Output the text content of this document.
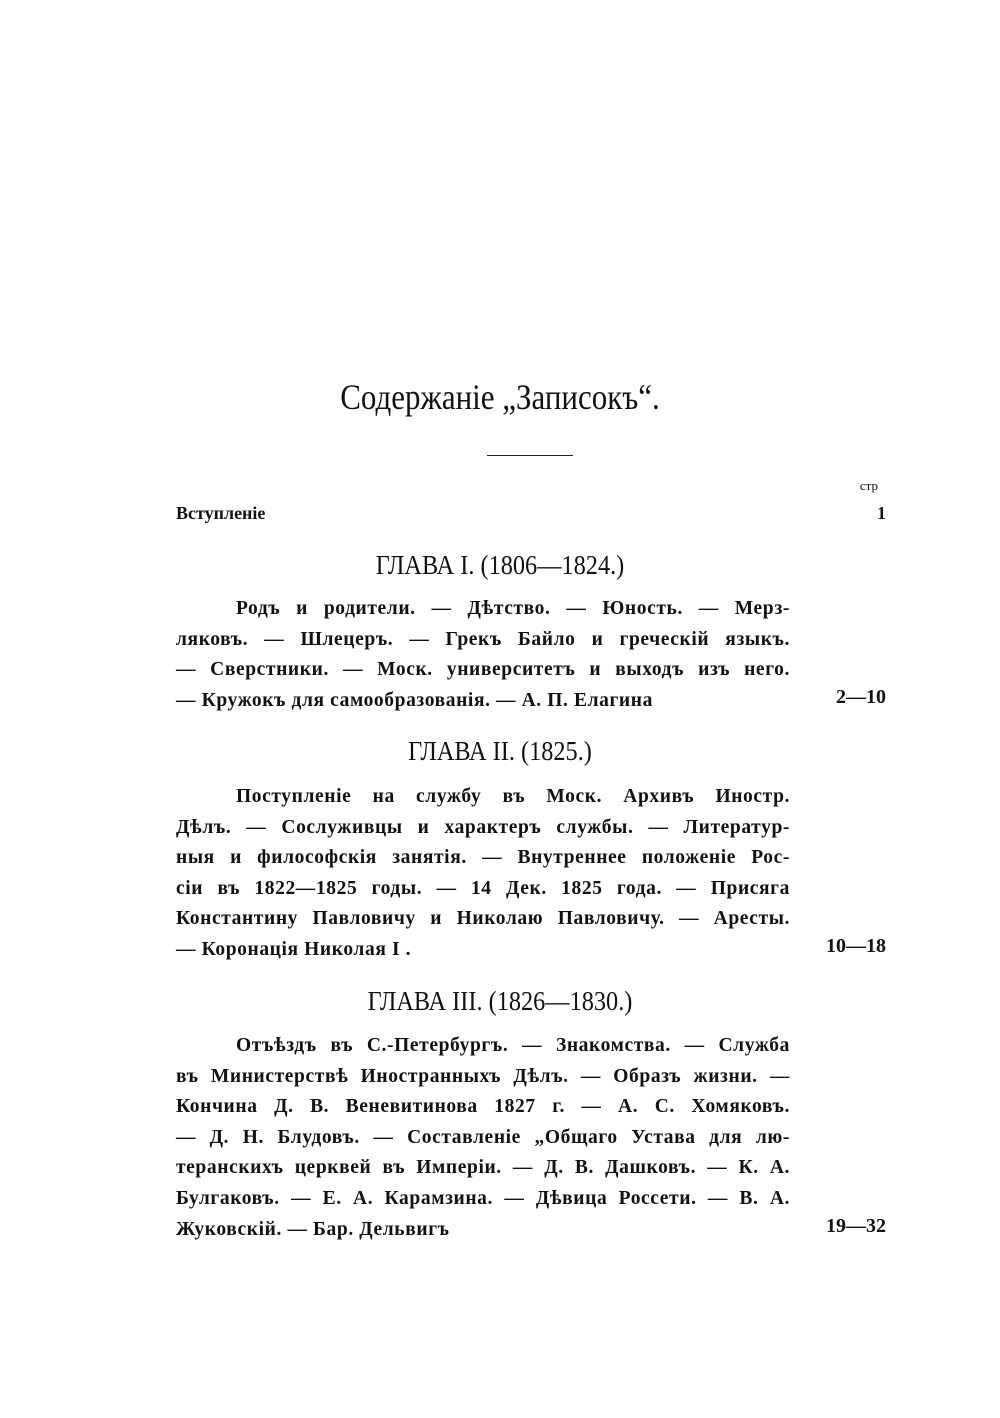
Содержаніе „Записокъ“.
стр
Вступленіе	1
ГЛАВА I. (1806—1824.)
Родъ и родители. — Дѣтство. — Юность. — Мерз-
ляковъ. — Шлецеръ. — Грекъ Байло и греческій языкъ.
— Сверстники. — Моск. университетъ и выходъ изъ него.
— Кружокъ для самообразованія. — А. П. Елагина	2—10
ГЛАВА II. (1825.)
Поступленіе на службу въ Моск. Архивъ Иностр.
Дѣлъ. — Сослуживцы и характеръ службы. — Литератур-
ныя и философскія занятія. — Внутреннее положеніе Рос-
сіи въ 1822—1825 годы. — 14 Дек. 1825 года. — Присяга
Константину Павловичу и Николаю Павловичу. — Аресты.
— Коронація Николая I .	10—18
ГЛАВА III. (1826—1830.)
Отъѣздъ въ С.-Петербургъ. — Знакомства. — Служба
въ Министерствѣ Иностранныхъ Дѣлъ. — Образъ жизни. —
Кончина Д. В. Веневитинова 1827 г. — А. С. Хомяковъ.
— Д. Н. Блудовъ. — Составленіе „Общаго Устава для лю-
теранскихъ церквей въ Имперіи. — Д. В. Дашковъ. — К. А.
Булгаковъ. — Е. А. Карамзина. — Дѣвица Россети. — В. А.
Жуковскій. — Бар. Дельвигъ	19—32
